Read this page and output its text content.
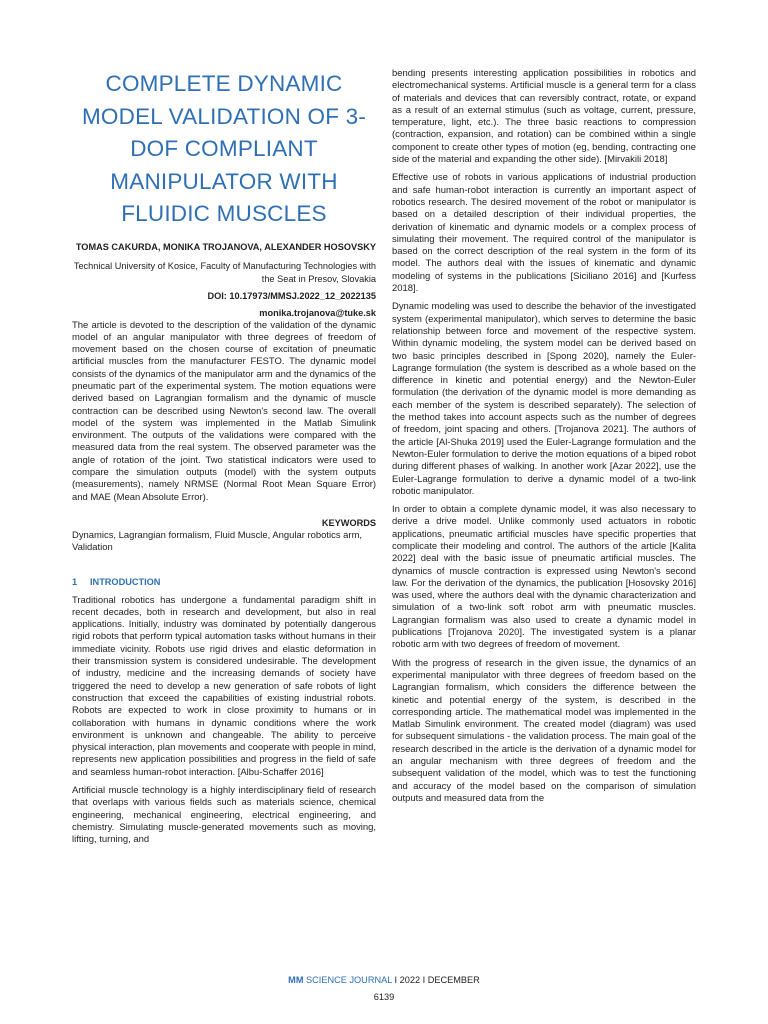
COMPLETE DYNAMIC MODEL VALIDATION OF 3-DOF COMPLIANT MANIPULATOR WITH FLUIDIC MUSCLES
TOMAS CAKURDA, MONIKA TROJANOVA, ALEXANDER HOSOVSKY
Technical University of Kosice, Faculty of Manufacturing Technologies with the Seat in Presov, Slovakia
DOI: 10.17973/MMSJ.2022_12_2022135
monika.trojanova@tuke.sk

The article is devoted to the description of the validation of the dynamic model of an angular manipulator with three degrees of freedom of movement based on the chosen course of excitation of pneumatic artificial muscles from the manufacturer FESTO. The dynamic model consists of the dynamics of the manipulator arm and the dynamics of the pneumatic part of the experimental system. The motion equations were derived based on Lagrangian formalism and the dynamic of muscle contraction can be described using Newton's second law. The overall model of the system was implemented in the Matlab Simulink environment. The outputs of the validations were compared with the measured data from the real system. The observed parameter was the angle of rotation of the joint. Two statistical indicators were used to compare the simulation outputs (model) with the system outputs (measurements), namely NRMSE (Normal Root Mean Square Error) and MAE (Mean Absolute Error).

KEYWORDS

Dynamics, Lagrangian formalism, Fluid Muscle, Angular robotics arm, Validation

1 INTRODUCTION

Traditional robotics has undergone a fundamental paradigm shift in recent decades, both in research and development, but also in real applications. Initially, industry was dominated by potentially dangerous rigid robots that perform typical automation tasks without humans in their immediate vicinity. Robots use rigid drives and elastic deformation in their transmission system is considered undesirable. The development of industry, medicine and the increasing demands of society have triggered the need to develop a new generation of safe robots of light construction that exceed the capabilities of existing industrial robots. Robots are expected to work in close proximity to humans or in collaboration with humans in dynamic conditions where the work environment is unknown and changeable. The ability to perceive physical interaction, plan movements and cooperate with people in mind, represents new application possibilities and progress in the field of safe and seamless human-robot interaction. [Albu-Schaffer 2016]

Artificial muscle technology is a highly interdisciplinary field of research that overlaps with various fields such as materials science, chemical engineering, mechanical engineering, electrical engineering, and chemistry. Simulating muscle-generated movements such as moving, lifting, turning, and

bending presents interesting application possibilities in robotics and electromechanical systems. Artificial muscle is a general term for a class of materials and devices that can reversibly contract, rotate, or expand as a result of an external stimulus (such as voltage, current, pressure, temperature, light, etc.). The three basic reactions to compression (contraction, expansion, and rotation) can be combined within a single component to create other types of motion (eg, bending, contracting one side of the material and expanding the other side). [Mirvakili 2018]

Effective use of robots in various applications of industrial production and safe human-robot interaction is currently an important aspect of robotics research. The desired movement of the robot or manipulator is based on a detailed description of their individual properties, the derivation of kinematic and dynamic models or a complex process of simulating their movement. The required control of the manipulator is based on the correct description of the real system in the form of its model. The authors deal with the issues of kinematic and dynamic modeling of systems in the publications [Siciliano 2016] and [Kurfess 2018].

Dynamic modeling was used to describe the behavior of the investigated system (experimental manipulator), which serves to determine the basic relationship between force and movement of the respective system. Within dynamic modeling, the system model can be derived based on two basic principles described in [Spong 2020], namely the Euler-Lagrange formulation (the system is described as a whole based on the difference in kinetic and potential energy) and the Newton-Euler formulation (the derivation of the dynamic model is more demanding as each member of the system is described separately). The selection of the method takes into account aspects such as the number of degrees of freedom, joint spacing and others. [Trojanova 2021]. The authors of the article [Al-Shuka 2019] used the Euler-Lagrange formulation and the Newton-Euler formulation to derive the motion equations of a biped robot during different phases of walking. In another work [Azar 2022], use the Euler-Lagrange formulation to derive a dynamic model of a two-link robotic manipulator.

In order to obtain a complete dynamic model, it was also necessary to derive a drive model. Unlike commonly used actuators in robotic applications, pneumatic artificial muscles have specific properties that complicate their modeling and control. The authors of the article [Kalita 2022] deal with the basic issue of pneumatic artificial muscles. The dynamics of muscle contraction is expressed using Newton's second law. For the derivation of the dynamics, the publication [Hosovsky 2016] was used, where the authors deal with the dynamic characterization and simulation of a two-link soft robot arm with pneumatic muscles. Lagrangian formalism was also used to create a dynamic model in publications [Trojanova 2020]. The investigated system is a planar robotic arm with two degrees of freedom of movement.

With the progress of research in the given issue, the dynamics of an experimental manipulator with three degrees of freedom based on the Lagrangian formalism, which considers the difference between the kinetic and potential energy of the system, is described in the corresponding article. The mathematical model was implemented in the Matlab Simulink environment. The created model (diagram) was used for subsequent simulations - the validation process. The main goal of the research described in the article is the derivation of a dynamic model for an angular mechanism with three degrees of freedom and the subsequent validation of the model, which was to test the functioning and accuracy of the model based on the comparison of simulation outputs and measured data from the

MM SCIENCE JOURNAL I 2022 I DECEMBER
6139
